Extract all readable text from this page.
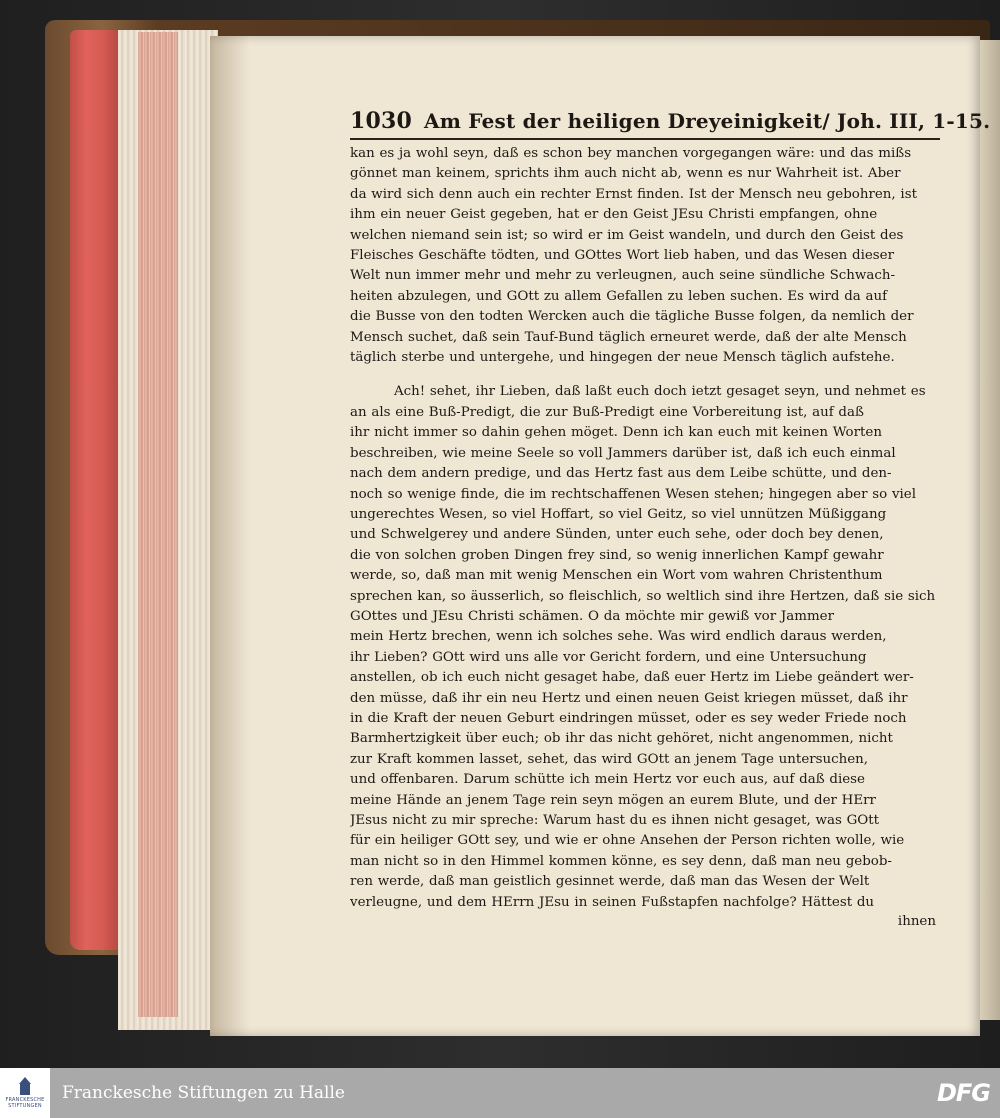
1030 Am Fest der heiligen Dreyeinigkeit/ Joh. III, 1-15.

kan es ja wohl seyn, daß es schon bey manchen vorgegangen wäre: und das mißs
gönnet man keinem, sprichts ihm auch nicht ab, wenn es nur Wahrheit ist. Aber
da wird sich denn auch ein rechter Ernst finden. Ist der Mensch neu gebohren, ist
ihm ein neuer Geist gegeben, hat er den Geist JEsu Christi empfangen, ohne
welchen niemand sein ist; so wird er im Geist wandeln, und durch den Geist des
Fleisches Geschäfte tödten, und GOttes Wort lieb haben, und das Wesen dieser
Welt nun immer mehr und mehr zu verleugnen, auch seine sündliche Schwach-
heiten abzulegen, und GOtt zu allem Gefallen zu leben suchen. Es wird da auf
die Busse von den todten Wercken auch die tägliche Busse folgen, da nemlich der
Mensch suchet, daß sein Tauf-Bund täglich erneuret werde, daß der alte Mensch
täglich sterbe und untergehe, und hingegen der neue Mensch täglich aufstehe.

Ach! sehet, ihr Lieben, daß laßt euch doch ietzt gesaget seyn, und nehmet es
an als eine Buß-Predigt, die zur Buß-Predigt eine Vorbereitung ist, auf daß
ihr nicht immer so dahin gehen möget. Denn ich kan euch mit keinen Worten
beschreiben, wie meine Seele so voll Jammers darüber ist, daß ich euch einmal
nach dem andern predige, und das Hertz fast aus dem Leibe schütte, und den-
noch so wenige finde, die im rechtschaffenen Wesen stehen; hingegen aber so viel
ungerechtes Wesen, so viel Hoffart, so viel Geitz, so viel unnützen Müßiggang
und Schwelgerey und andere Sünden, unter euch sehe, oder doch bey denen,
die von solchen groben Dingen frey sind, so wenig innerlichen Kampf gewahr
werde, so, daß man mit wenig Menschen ein Wort vom wahren Christenthum
sprechen kan, so äusserlich, so fleischlich, so weltlich sind ihre Hertzen, daß sie sich
GOttes und JEsu Christi schämen. O da möchte mir gewiß vor Jammer
mein Hertz brechen, wenn ich solches sehe. Was wird endlich daraus werden,
ihr Lieben? GOtt wird uns alle vor Gericht fordern, und eine Untersuchung
anstellen, ob ich euch nicht gesaget habe, daß euer Hertz im Liebe geändert wer-
den müsse, daß ihr ein neu Hertz und einen neuen Geist kriegen müsset, daß ihr
in die Kraft der neuen Geburt eindringen müsset, oder es sey weder Friede noch
Barmhertzigkeit über euch; ob ihr das nicht gehöret, nicht angenommen, nicht
zur Kraft kommen lasset, sehet, das wird GOtt an jenem Tage untersuchen,
und offenbaren. Darum schütte ich mein Hertz vor euch aus, auf daß diese
meine Hände an jenem Tage rein seyn mögen an eurem Blute, und der HErr
JEsus nicht zu mir spreche: Warum hast du es ihnen nicht gesaget, was GOtt
für ein heiliger GOtt sey, und wie er ohne Ansehen der Person richten wolle, wie
man nicht so in den Himmel kommen könne, es sey denn, daß man neu gebob-
ren werde, daß man geistlich gesinnet werde, daß man das Wesen der Welt
verleugne, und dem HErrn JEsu in seinen Fußstapfen nachfolge? Hättest du

ihnen
FRANCKESCHE
STIFTUNGEN
Franckesche Stiftungen zu Halle	DFG
